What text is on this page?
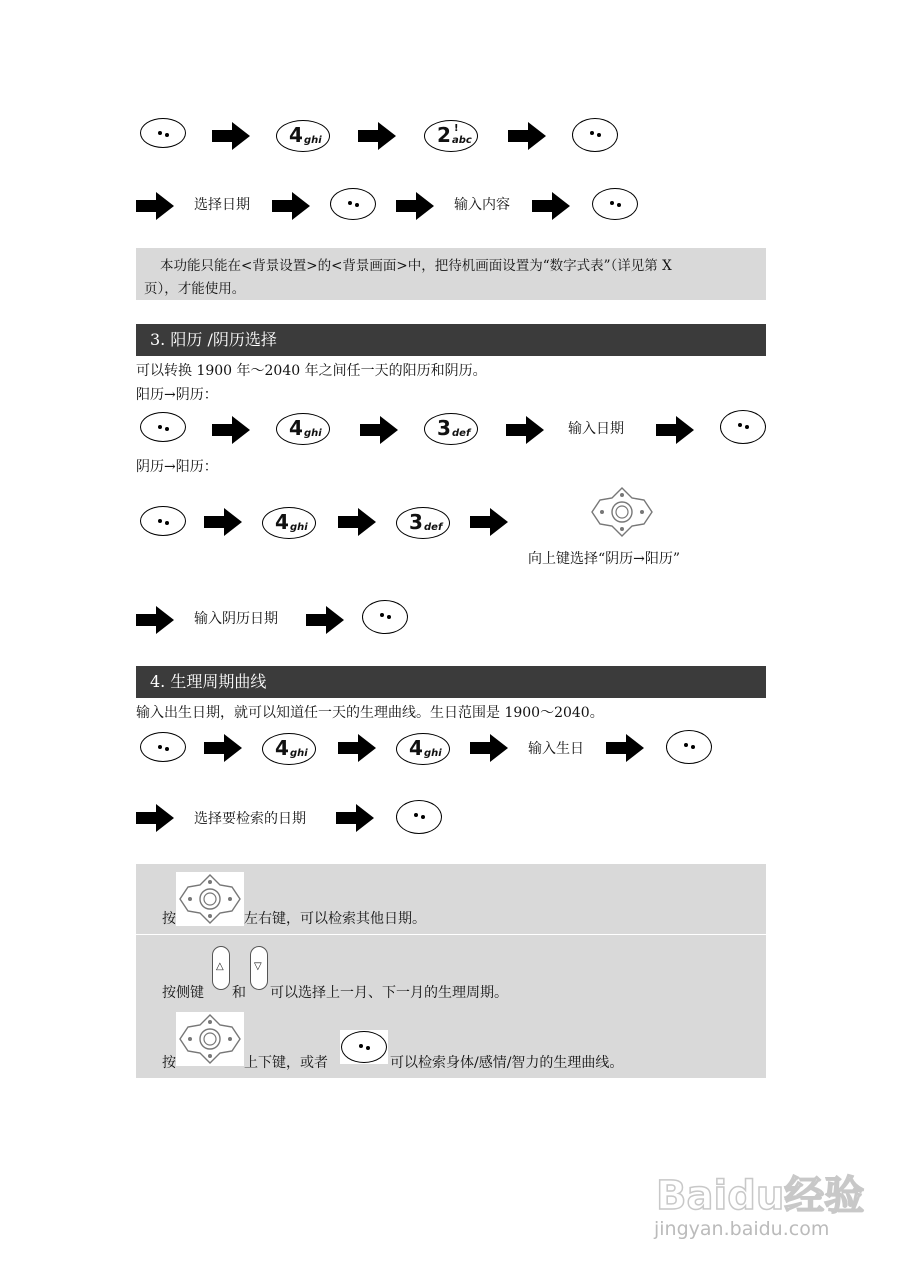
4 ghi	2 !
abc
选择日期	输入内容
本功能只能在<背景设置>的<背景画面>中，把待机画面设置为“数字式表”（详见第 X
页），才能使用。
3. 阳历 /阴历选择
可以转换 1900 年～2040 年之间任一天的阳历和阴历。
阳历→阴历：
4 ghi	3 def	输入日期
阴历→阳历：
4 ghi	3 def
向上键选择“阴历→阳历”
输入阴历日期
4. 生理周期曲线
输入出生日期，就可以知道任一天的生理曲线。生日范围是 1900～2040。
4 ghi	4 ghi	输入生日
选择要检索的日期
按	左右键，可以检索其他日期。
按侧键
△
和
▽
可以选择上一月、下一月的生理周期。
按	上下键，或者	可以检索身体/感情/智力的生理曲线。
Baidu经验
jingyan.baidu.com
